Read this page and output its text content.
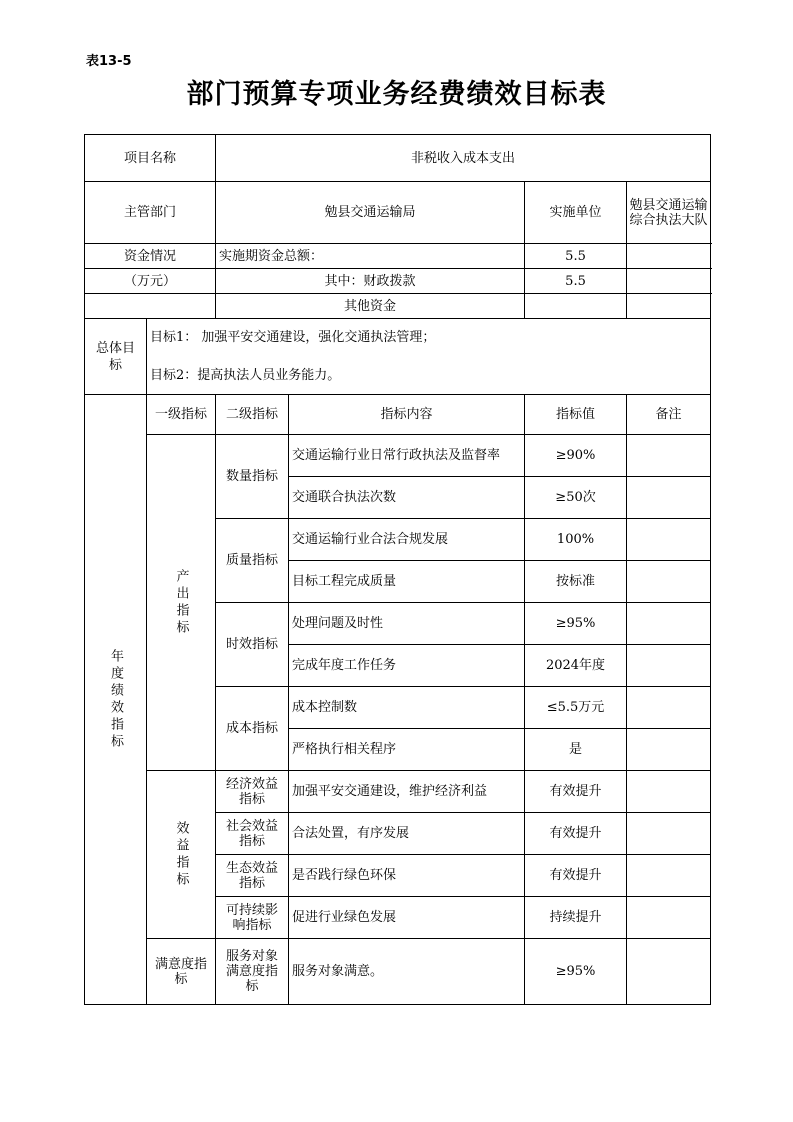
表13-5
部门预算专项业务经费绩效目标表
项目名称		非税收入成本支出			
主管部门		勉县交通运输局		实施单位	勉县交通运输综合执法大队
资金情况		实施期资金总额：		5.5	
（万元）		其中：财政拨款		5.5	
		其他资金			
总体目标	目标1： 加强平安交通建设，强化交通执法管理；				
	目标2：提高执法人员业务能力。				
年度绩效指标	一级指标	二级指标	指标内容	指标值	备注
	产出指标	数量指标	交通运输行业日常行政执法及监督率	≥90%	
			交通联合执法次数	≥50次	
		质量指标	交通运输行业合法合规发展	100%	
			目标工程完成质量	按标准	
		时效指标	处理问题及时性	≥95%	
			完成年度工作任务	2024年度	
		成本指标	成本控制数	≤5.5万元	
			严格执行相关程序	是	
	效益指标	经济效益指标	加强平安交通建设，维护经济利益	有效提升	
		社会效益指标	合法处置，有序发展	有效提升	
		生态效益指标	是否践行绿色环保	有效提升	
		可持续影响指标	促进行业绿色发展	持续提升	
	满意度指标	服务对象满意度指标	服务对象满意。	≥95%	
